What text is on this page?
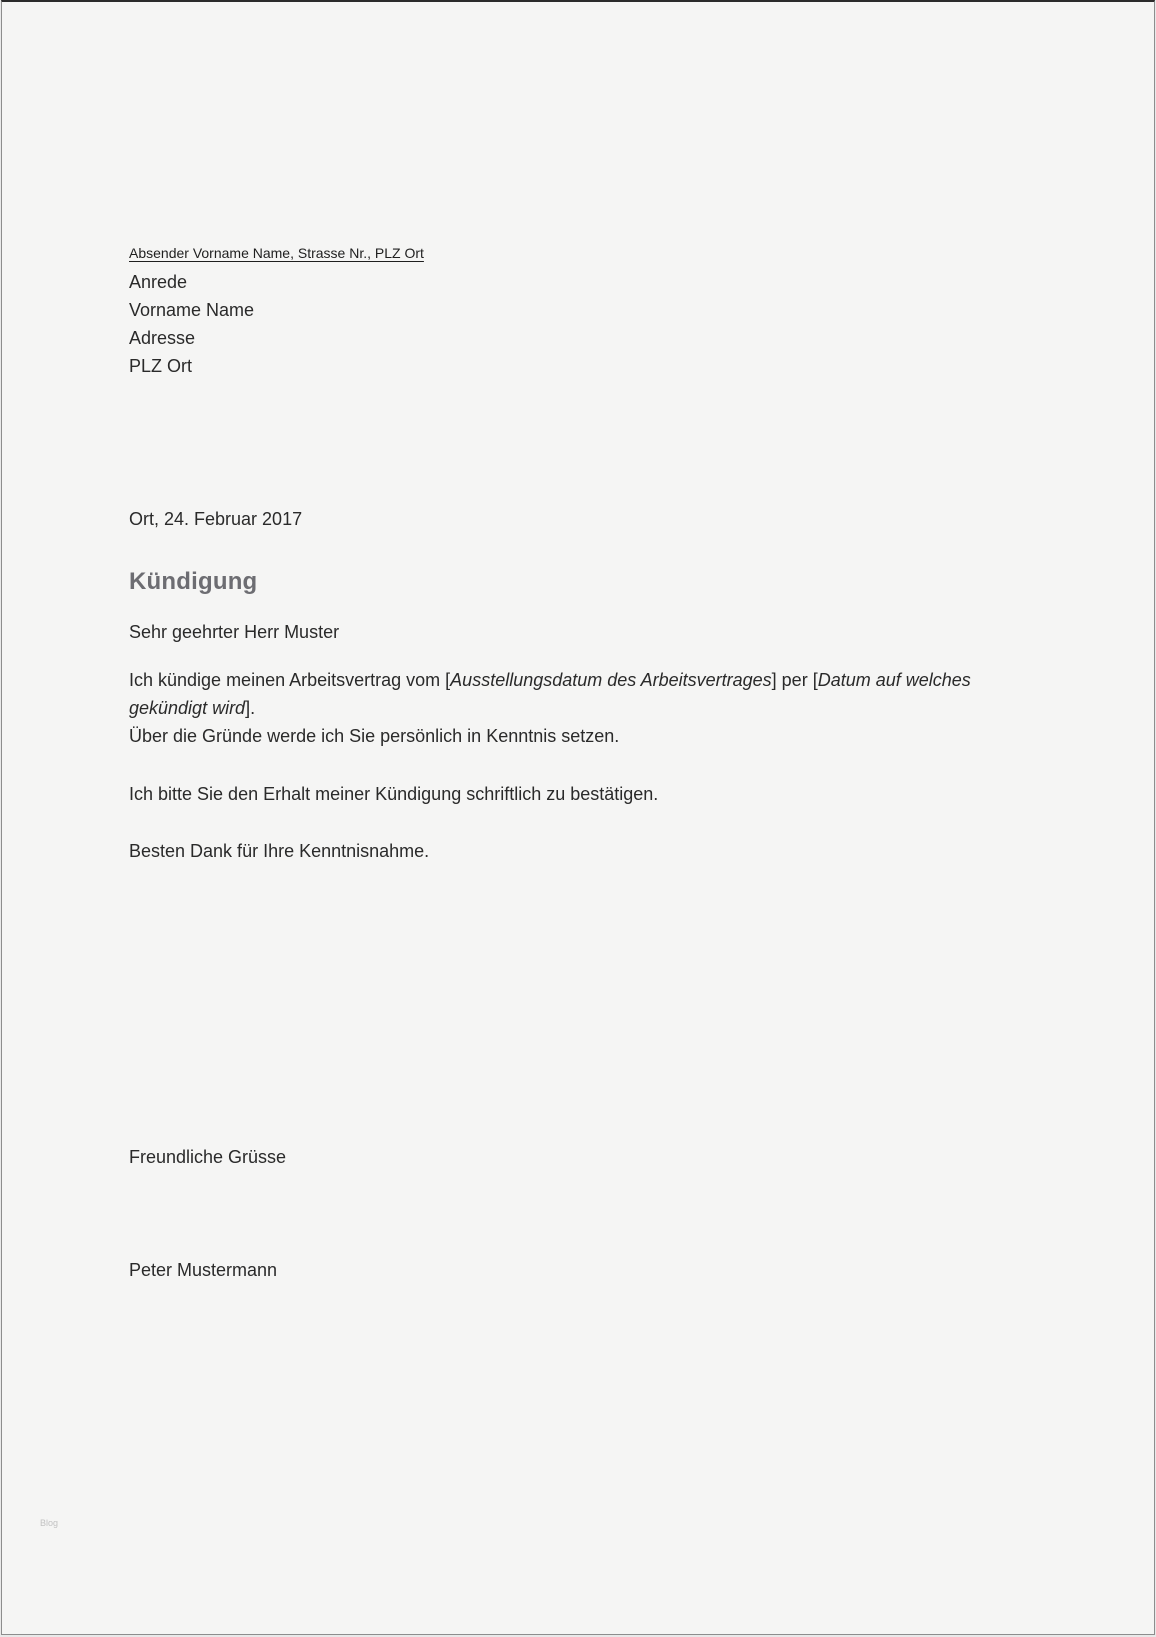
Absender Vorname Name, Strasse Nr., PLZ Ort
Anrede
Vorname Name
Adresse
PLZ Ort
Ort, 24. Februar 2017
Kündigung
Sehr geehrter Herr Muster
Ich kündige meinen Arbeitsvertrag vom [Ausstellungsdatum des Arbeitsvertrages] per [Datum auf welches gekündigt wird].
Über die Gründe werde ich Sie persönlich in Kenntnis setzen.
Ich bitte Sie den Erhalt meiner Kündigung schriftlich zu bestätigen.
Besten Dank für Ihre Kenntnisnahme.
Freundliche Grüsse
Peter Mustermann
Blog
